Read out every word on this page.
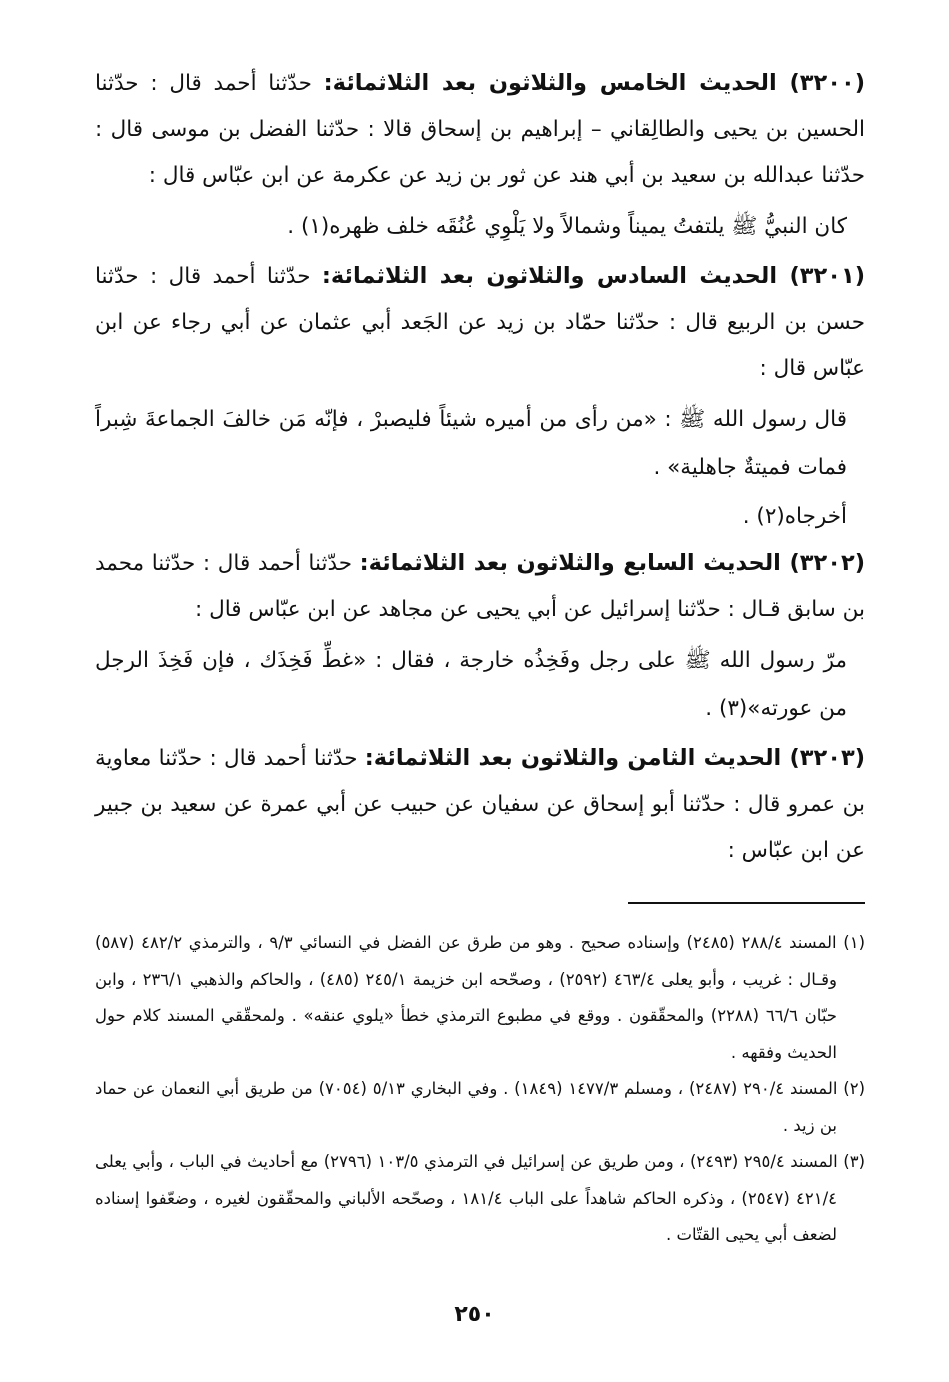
(٣٢٠٠) الحديث الخامس والثلاثون بعد الثلاثمائة: حدّثنا أحمد قال : حدّثنا الحسين بن يحيى والطالِقاني – إبراهيم بن إسحاق قالا : حدّثنا الفضل بن موسى قال : حدّثنا عبدالله بن سعيد بن أبي هند عن ثور بن زيد عن عكرمة عن ابن عبّاس قال :

كان النبيُّ ﷺ يلتفتُ يميناً وشمالاً ولا يَلْوِي عُنُقَه خلف ظهره(١) .

(٣٢٠١) الحديث السادس والثلاثون بعد الثلاثمائة: حدّثنا أحمد قال : حدّثنا حسن بن الربيع قال : حدّثنا حمّاد بن زيد عن الجَعد أبي عثمان عن أبي رجاء عن ابن عبّاس قال :

قال رسول الله ﷺ : «من رأى من أميره شيئاً فليصبرْ ، فإنّه مَن خالفَ الجماعةَ شِبراً فمات فميتةٌ جاهلية» .

أخرجاه(٢) .

(٣٢٠٢) الحديث السابع والثلاثون بعد الثلاثمائة: حدّثنا أحمد قال : حدّثنا محمد بن سابق قـال : حدّثنا إسرائيل عن أبي يحيى عن مجاهد عن ابن عبّاس قال :

مرّ رسول الله ﷺ على رجل وفَخِذُه خارجة ، فقال : «غطِّ فَخِذَك ، فإن فَخِذَ الرجل من عورته»(٣) .

(٣٢٠٣) الحديث الثامن والثلاثون بعد الثلاثمائة: حدّثنا أحمد قال : حدّثنا معاوية بن عمرو قال : حدّثنا أبو إسحاق عن سفيان عن حبيب عن أبي عمرة عن سعيد بن جبير عن ابن عبّاس :

(١) المسند ٢٨٨/٤ (٢٤٨٥) وإسناده صحيح . وهو من طرق عن الفضل في النسائي ٩/٣ ، والترمذي ٤٨٢/٢ (٥٨٧) وقـال : غريب ، وأبو يعلى ٤٦٣/٤ (٢٥٩٢) ، وصحّحه ابن خزيمة ٢٤٥/١ (٤٨٥) ، والحاكم والذهبي ٢٣٦/١ ، وابن حبّان ٦٦/٦ (٢٢٨٨) والمحقّقون . ووقع في مطبوع الترمذي خطأ «يلوي عنقه» . ولمحقّقي المسند كلام حول الحديث وفقهه .

(٢) المسند ٢٩٠/٤ (٢٤٨٧) ، ومسلم ١٤٧٧/٣ (١٨٤٩) . وفي البخاري ٥/١٣ (٧٠٥٤) من طريق أبي النعمان عن حماد بن زيد .

(٣) المسند ٢٩٥/٤ (٢٤٩٣) ، ومن طريق عن إسرائيل في الترمذي ١٠٣/٥ (٢٧٩٦) مع أحاديث في الباب ، وأبي يعلى ٤٢١/٤ (٢٥٤٧) ، وذكره الحاكم شاهداً على الباب ١٨١/٤ ، وصحّحه الألباني والمحقّقون لغيره ، وضعّفوا إسناده لضعف أبي يحيى القتّات .

٢٥٠
